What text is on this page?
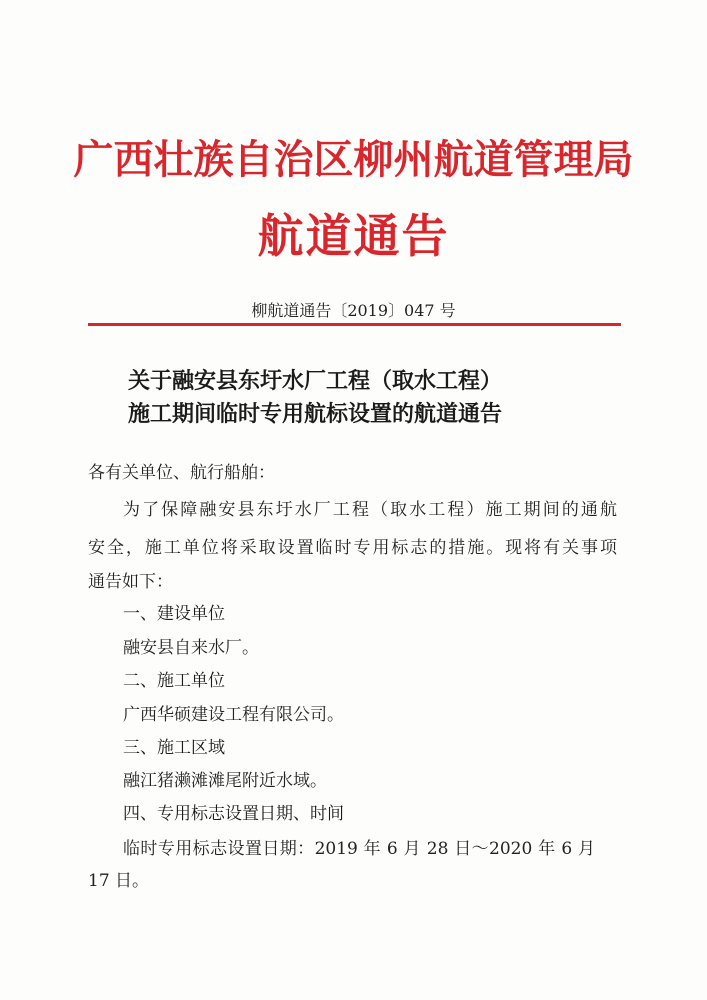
广西壮族自治区柳州航道管理局
航道通告
柳航道通告〔2019〕047 号
关于融安县东圩水厂工程（取水工程）
施工期间临时专用航标设置的航道通告
各有关单位、航行船舶：
为了保障融安县东圩水厂工程（取水工程）施工期间的通航
安全，施工单位将采取设置临时专用标志的措施。现将有关事项
通告如下：
一、建设单位
融安县自来水厂。
二、施工单位
广西华硕建设工程有限公司。
三、施工区域
融江猪濑滩滩尾附近水域。
四、专用标志设置日期、时间
临时专用标志设置日期：2019 年 6 月 28 日～2020 年 6 月
17 日。
